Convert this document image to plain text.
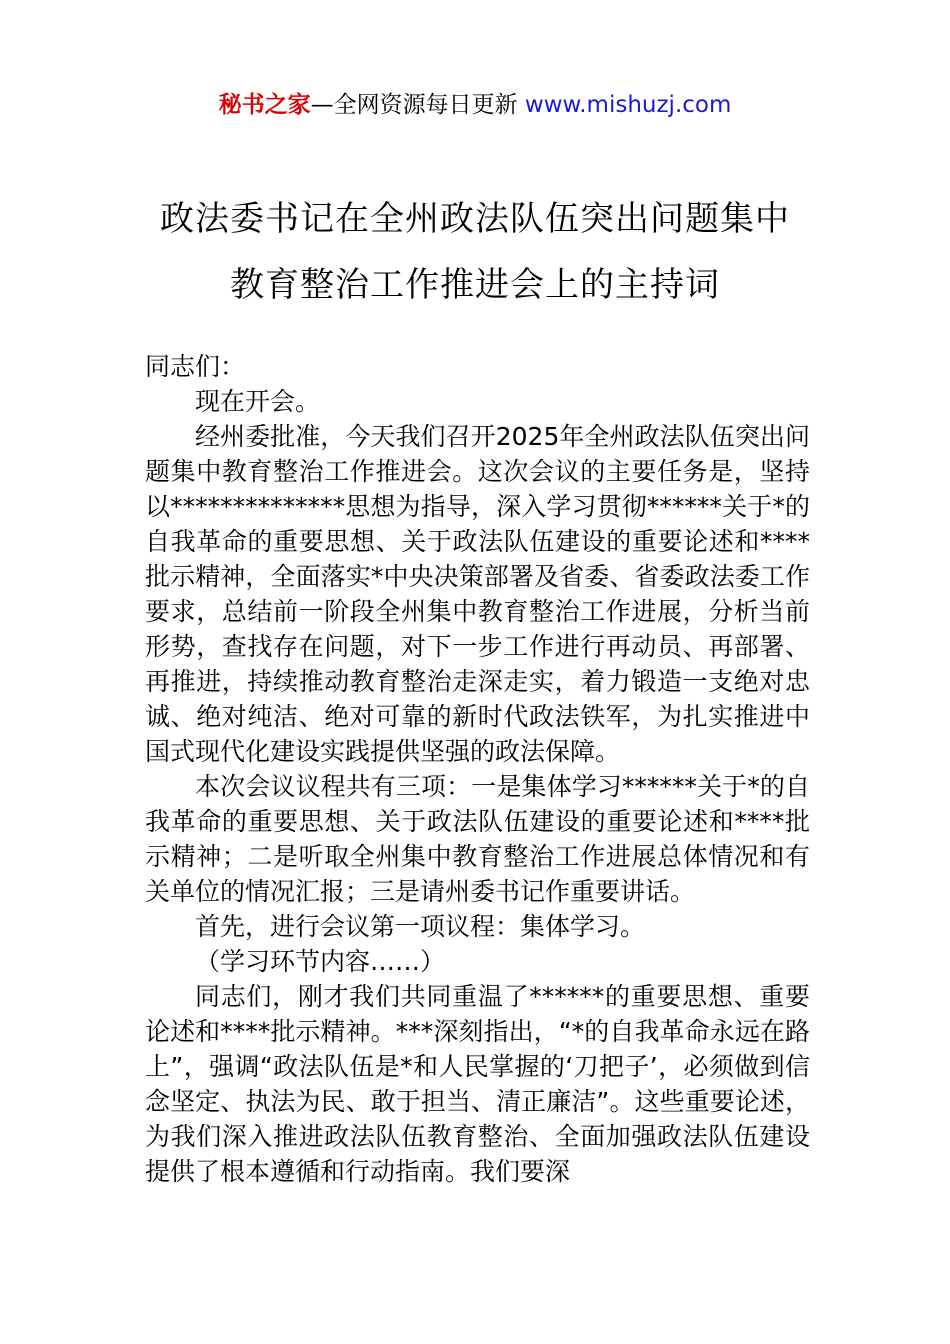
秘书之家—全网资源每日更新 www.mishuzj.com
政法委书记在全州政法队伍突出问题集中
教育整治工作推进会上的主持词

同志们：

现在开会。

经州委批准，今天我们召开2025年全州政法队伍突出问题集中教育整治工作推进会。这次会议的主要任务是，坚持以**************思想为指导，深入学习贯彻******关于*的自我革命的重要思想、关于政法队伍建设的重要论述和****批示精神，全面落实*中央决策部署及省委、省委政法委工作要求，总结前一阶段全州集中教育整治工作进展，分析当前形势，查找存在问题，对下一步工作进行再动员、再部署、再推进，持续推动教育整治走深走实，着力锻造一支绝对忠诚、绝对纯洁、绝对可靠的新时代政法铁军，为扎实推进中国式现代化建设实践提供坚强的政法保障。

本次会议议程共有三项：一是集体学习******关于*的自我革命的重要思想、关于政法队伍建设的重要论述和****批示精神；二是听取全州集中教育整治工作进展总体情况和有关单位的情况汇报；三是请州委书记作重要讲话。

首先，进行会议第一项议程：集体学习。

（学习环节内容……）

同志们，刚才我们共同重温了******的重要思想、重要论述和****批示精神。***深刻指出，“*的自我革命永远在路上”，强调“政法队伍是*和人民掌握的‘刀把子’，必须做到信念坚定、执法为民、敢于担当、清正廉洁”。这些重要论述，为我们深入推进政法队伍教育整治、全面加强政法队伍建设提供了根本遵循和行动指南。我们要深
